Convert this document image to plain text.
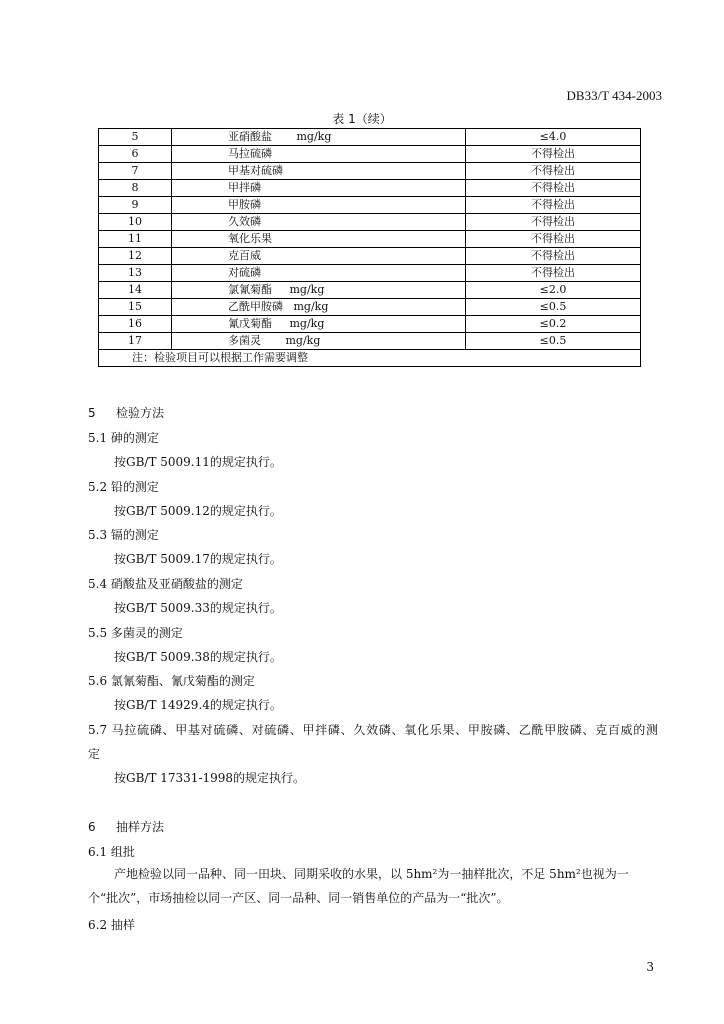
DB33/T 434-2003
表 1（续）
5	亚硝酸盐       mg/kg	≤4.0
6	马拉硫磷	不得检出
7	甲基对硫磷	不得检出
8	甲拌磷	不得检出
9	甲胺磷	不得检出
10	久效磷	不得检出
11	氧化乐果	不得检出
12	克百威	不得检出
13	对硫磷	不得检出
14	氯氰菊酯     mg/kg	≤2.0
15	乙酰甲胺磷   mg/kg	≤0.5
16	氰戊菊酯     mg/kg	≤0.2
17	多菌灵       mg/kg	≤0.5
注：检验项目可以根据工作需要调整		
5 检验方法
5.1 砷的测定
按GB/T 5009.11的规定执行。
5.2 铅的测定
按GB/T 5009.12的规定执行。
5.3 镉的测定
按GB/T 5009.17的规定执行。
5.4 硝酸盐及亚硝酸盐的测定
按GB/T 5009.33的规定执行。
5.5 多菌灵的测定
按GB/T 5009.38的规定执行。
5.6 氯氰菊酯、氰戊菊酯的测定
按GB/T 14929.4的规定执行。
5.7 马拉硫磷、甲基对硫磷、对硫磷、甲拌磷、久效磷、氧化乐果、甲胺磷、乙酰甲胺磷、克百威的测
定
按GB/T 17331-1998的规定执行。
6 抽样方法
6.1 组批
产地检验以同一品种、同一田块、同期采收的水果，以 5hm²为一抽样批次，不足 5hm²也视为一个“批次”，市场抽检以同一产区、同一品种、同一销售单位的产品为一“批次”。
6.2 抽样
3
